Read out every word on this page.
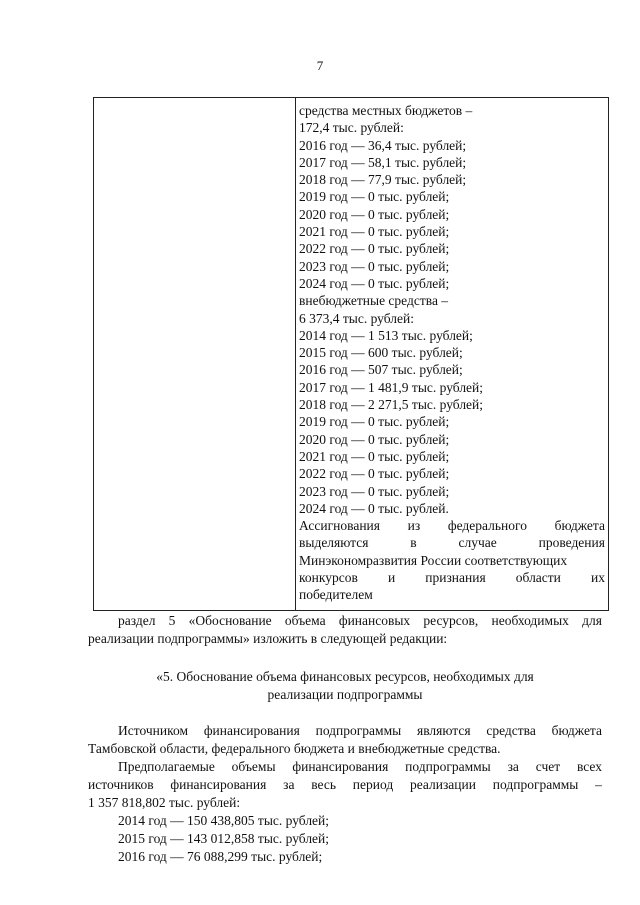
7
средства местных бюджетов –
172,4 тыс. рублей:
2016 год — 36,4 тыс. рублей;
2017 год — 58,1 тыс. рублей;
2018 год — 77,9 тыс. рублей;
2019 год — 0 тыс. рублей;
2020 год — 0 тыс. рублей;
2021 год — 0 тыс. рублей;
2022 год — 0 тыс. рублей;
2023 год — 0 тыс. рублей;
2024 год — 0 тыс. рублей;
внебюджетные средства –
6 373,4 тыс. рублей:
2014 год — 1 513 тыс. рублей;
2015 год — 600 тыс. рублей;
2016 год — 507 тыс. рублей;
2017 год — 1 481,9 тыс. рублей;
2018 год — 2 271,5 тыс. рублей;
2019 год — 0 тыс. рублей;
2020 год — 0 тыс. рублей;
2021 год — 0 тыс. рублей;
2022 год — 0 тыс. рублей;
2023 год — 0 тыс. рублей;
2024 год — 0 тыс. рублей.
Ассигнования из федерального бюджета
выделяются	в	случае	проведения
Минэкономразвития России соответствующих
конкурсов и признания области их
победителем
раздел 5 «Обоснование объема финансовых ресурсов, необходимых для
реализации подпрограммы» изложить в следующей редакции:
«5. Обоснование объема финансовых ресурсов, необходимых для
реализации подпрограммы
Источником финансирования подпрограммы являются средства бюджета
Тамбовской области, федерального бюджета и внебюджетные средства.
Предполагаемые объемы финансирования подпрограммы за счет всех
источников финансирования за весь период реализации подпрограммы –
1 357 818,802 тыс. рублей:
2014 год — 150 438,805 тыс. рублей;
2015 год — 143 012,858 тыс. рублей;
2016 год — 76 088,299 тыс. рублей;
